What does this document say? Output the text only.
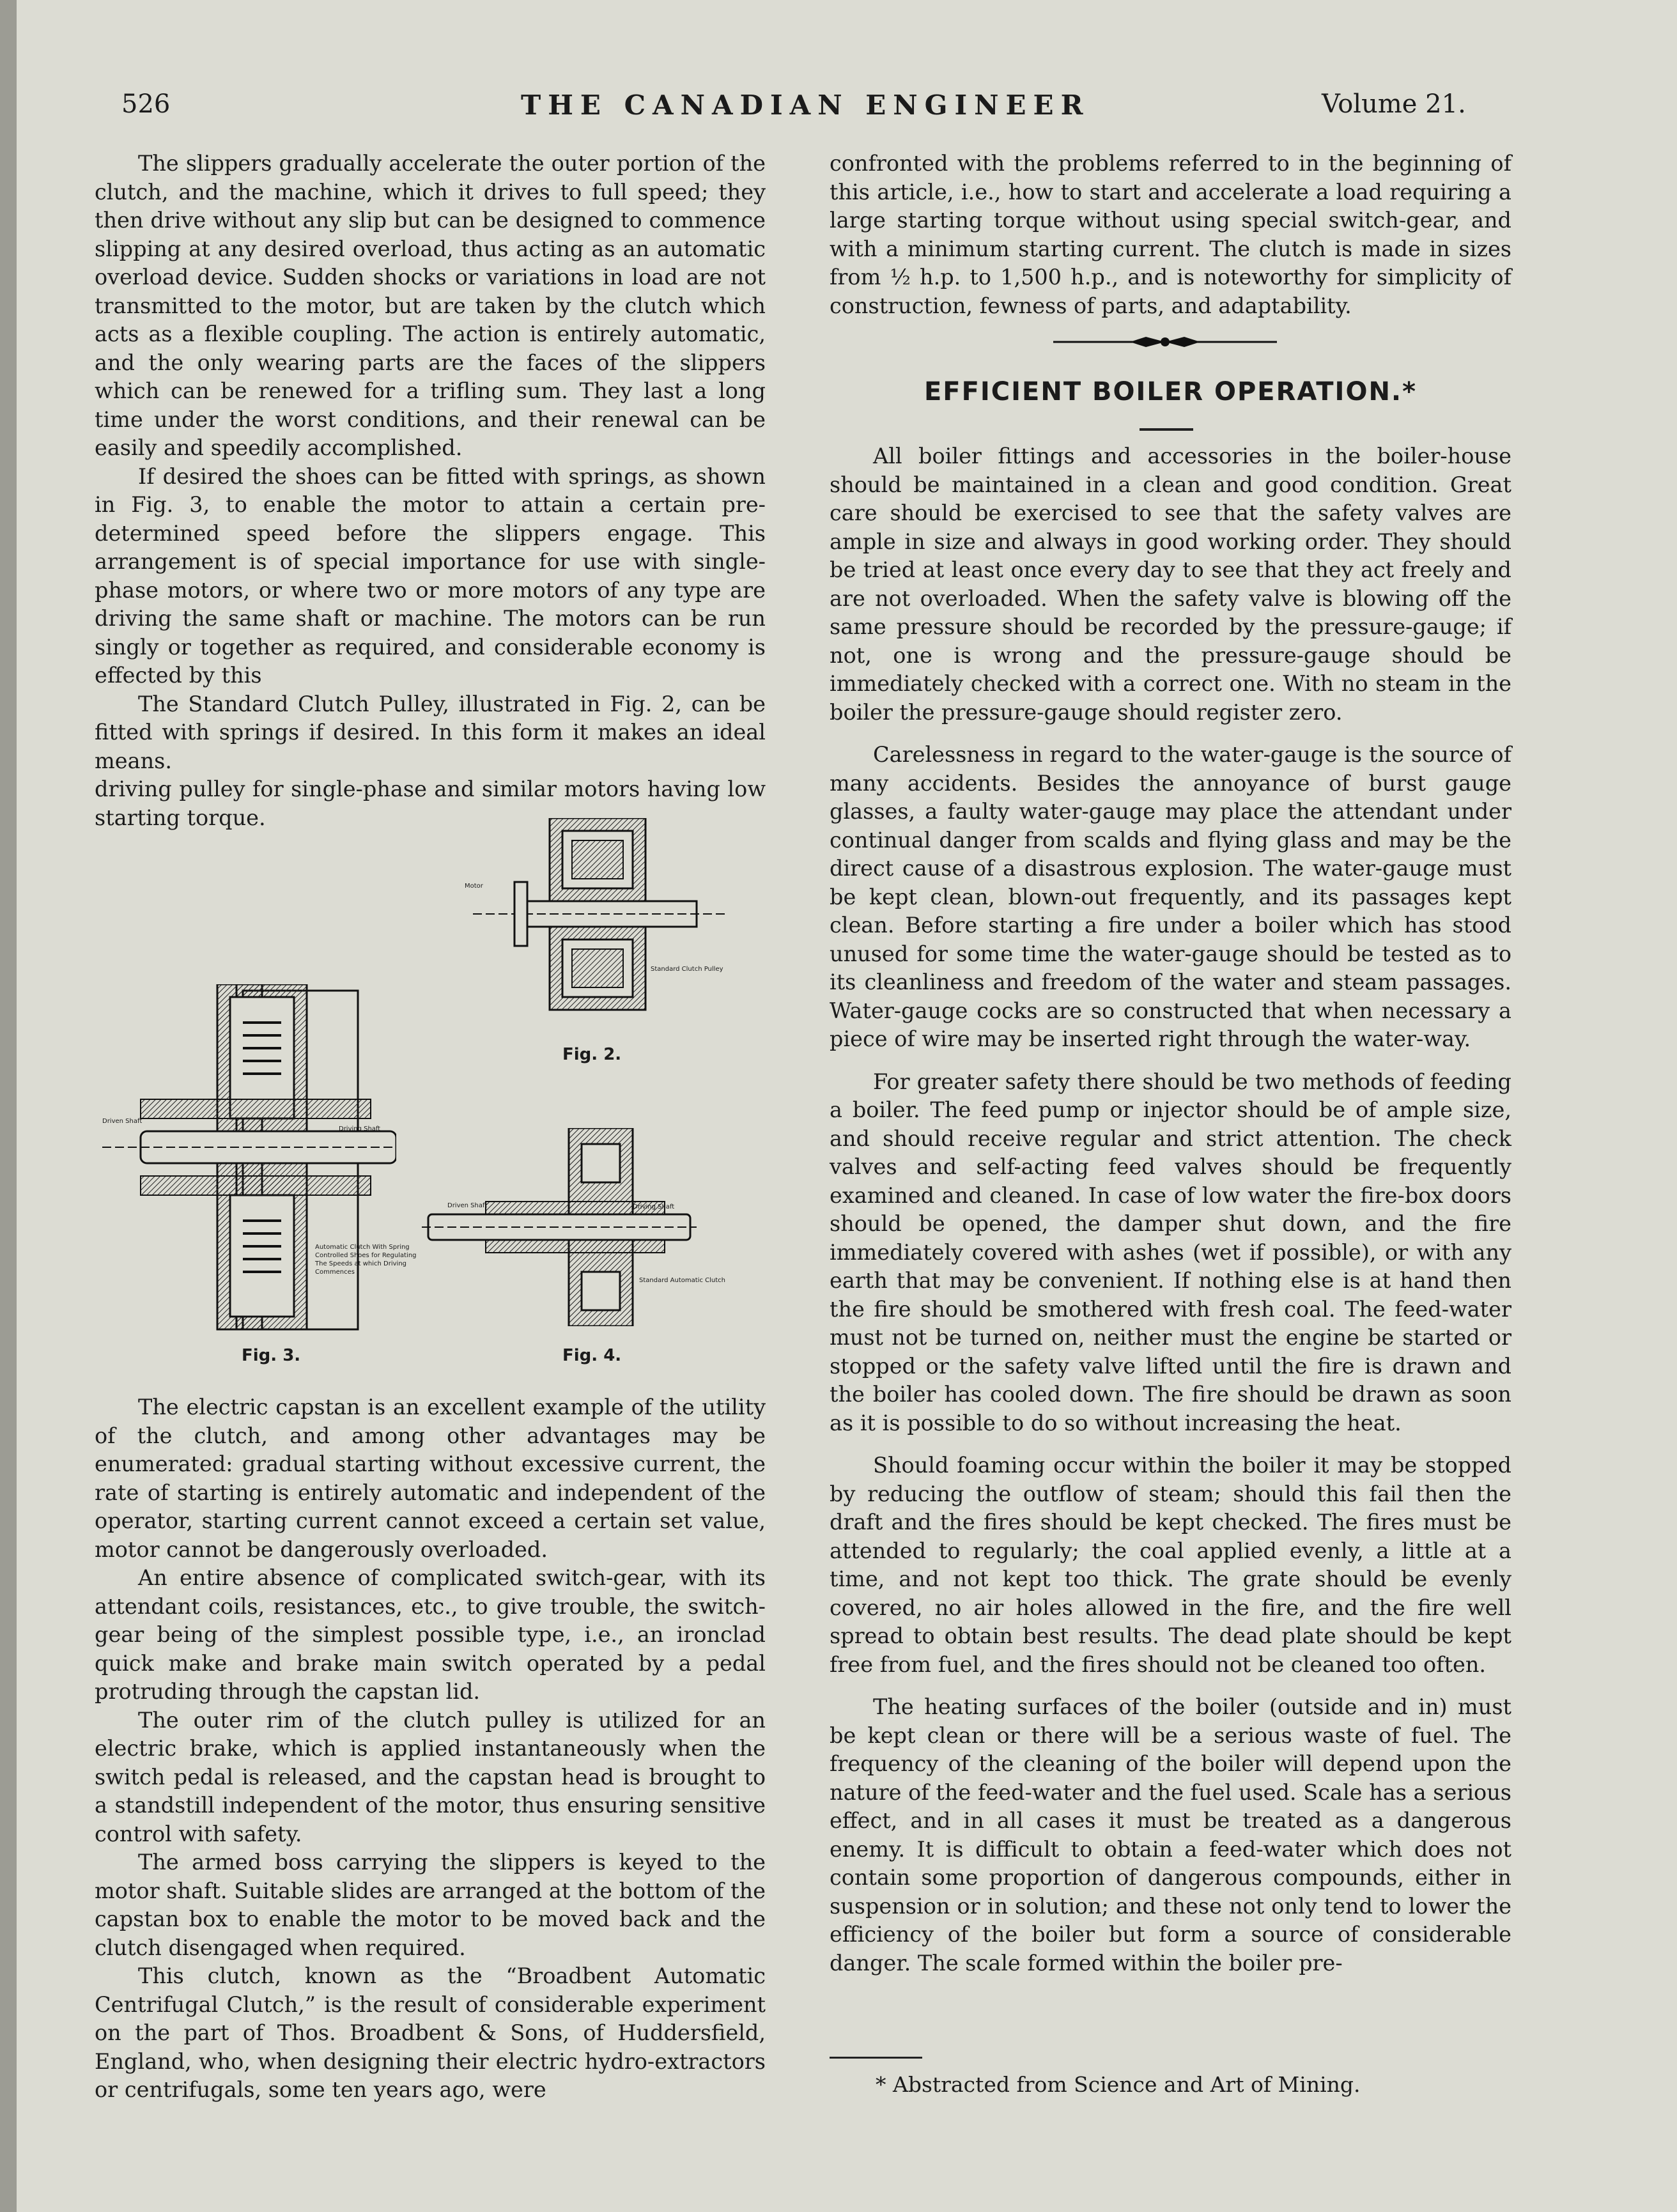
526	THE CANADIAN ENGINEER	Volume 21.

The slippers gradually accelerate the outer portion of the clutch, and the machine, which it drives to full speed; they then drive without any slip but can be designed to commence slipping at any desired overload, thus acting as an automatic overload device. Sudden shocks or variations in load are not transmitted to the motor, but are taken by the clutch which acts as a flexible coupling. The action is entirely automatic, and the only wearing parts are the faces of the slippers which can be renewed for a trifling sum. They last a long time under the worst conditions, and their renewal can be easily and speedily accomplished.

If desired the shoes can be fitted with springs, as shown in Fig. 3, to enable the motor to attain a certain pre-determined speed before the slippers engage. This arrangement is of special importance for use with single-phase motors, or where two or more motors of any type are driving the same shaft or machine. The motors can be run singly or together as required, and considerable economy is effected by this

The Standard Clutch Pulley, illustrated in Fig. 2, can be fitted with springs if desired. In this form it makes an ideal means.

driving pulley for single-phase and similar motors having low starting torque.

Motor
Standard Clutch Pulley
Fig. 2.
Driven Shaft
Driving Shaft
Automatic Clutch With Spring Controlled Shoes for Regulating The Speeds at which Driving Commences
Fig. 3.
Driven Shaft	Driving Shaft
Standard Automatic Clutch
Fig. 4.

The electric capstan is an excellent example of the utility of the clutch, and among other advantages may be enumerated: gradual starting without excessive current, the rate of starting is entirely automatic and independent of the operator, starting current cannot exceed a certain set value, motor cannot be dangerously overloaded.

An entire absence of complicated switch-gear, with its attendant coils, resistances, etc., to give trouble, the switch-gear being of the simplest possible type, i.e., an ironclad quick make and brake main switch operated by a pedal protruding through the capstan lid.

The outer rim of the clutch pulley is utilized for an electric brake, which is applied instantaneously when the switch pedal is released, and the capstan head is brought to a standstill independent of the motor, thus ensuring sensitive control with safety.

The armed boss carrying the slippers is keyed to the motor shaft. Suitable slides are arranged at the bottom of the capstan box to enable the motor to be moved back and the clutch disengaged when required.

This clutch, known as the “Broadbent Automatic Centrifugal Clutch,” is the result of considerable experiment on the part of Thos. Broadbent & Sons, of Huddersfield, England, who, when designing their electric hydro-extractors or centrifugals, some ten years ago, were

confronted with the problems referred to in the beginning of this article, i.e., how to start and accelerate a load requiring a large starting torque without using special switch-gear, and with a minimum starting current. The clutch is made in sizes from ½ h.p. to 1,500 h.p., and is noteworthy for simplicity of construction, fewness of parts, and adaptability.

EFFICIENT BOILER OPERATION.*

All boiler fittings and accessories in the boiler-house should be maintained in a clean and good condition. Great care should be exercised to see that the safety valves are ample in size and always in good working order. They should be tried at least once every day to see that they act freely and are not overloaded. When the safety valve is blowing off the same pressure should be recorded by the pressure-gauge; if not, one is wrong and the pressure-gauge should be immediately checked with a correct one. With no steam in the boiler the pressure-gauge should register zero.

Carelessness in regard to the water-gauge is the source of many accidents. Besides the annoyance of burst gauge glasses, a faulty water-gauge may place the attendant under continual danger from scalds and flying glass and may be the direct cause of a disastrous explosion. The water-gauge must be kept clean, blown-out frequently, and its passages kept clean. Before starting a fire under a boiler which has stood unused for some time the water-gauge should be tested as to its cleanliness and freedom of the water and steam passages. Water-gauge cocks are so constructed that when necessary a piece of wire may be inserted right through the water-way.

For greater safety there should be two methods of feeding a boiler. The feed pump or injector should be of ample size, and should receive regular and strict attention. The check valves and self-acting feed valves should be frequently examined and cleaned. In case of low water the fire-box doors should be opened, the damper shut down, and the fire immediately covered with ashes (wet if possible), or with any earth that may be convenient. If nothing else is at hand then the fire should be smothered with fresh coal. The feed-water must not be turned on, neither must the engine be started or stopped or the safety valve lifted until the fire is drawn and the boiler has cooled down. The fire should be drawn as soon as it is possible to do so without increasing the heat.

Should foaming occur within the boiler it may be stopped by reducing the outflow of steam; should this fail then the draft and the fires should be kept checked. The fires must be attended to regularly; the coal applied evenly, a little at a time, and not kept too thick. The grate should be evenly covered, no air holes allowed in the fire, and the fire well spread to obtain best results. The dead plate should be kept free from fuel, and the fires should not be cleaned too often.

The heating surfaces of the boiler (outside and in) must be kept clean or there will be a serious waste of fuel. The frequency of the cleaning of the boiler will depend upon the nature of the feed-water and the fuel used. Scale has a serious effect, and in all cases it must be treated as a dangerous enemy. It is difficult to obtain a feed-water which does not contain some proportion of dangerous compounds, either in suspension or in solution; and these not only tend to lower the efficiency of the boiler but form a source of considerable danger. The scale formed within the boiler pre-

* Abstracted from Science and Art of Mining.
